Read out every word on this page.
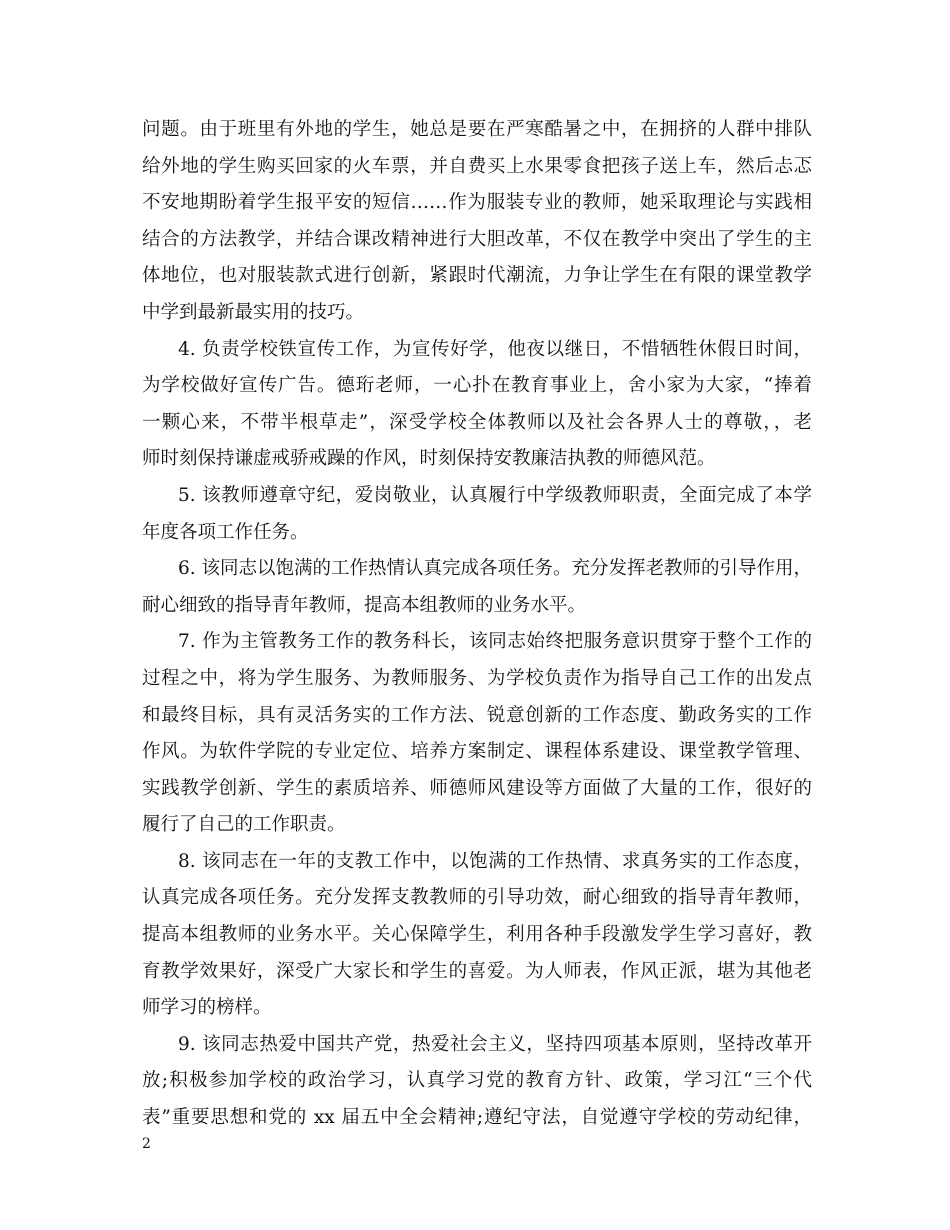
问题。由于班里有外地的学生，她总是要在严寒酷暑之中，在拥挤的人群中排队
给外地的学生购买回家的火车票，并自费买上水果零食把孩子送上车，然后忐忑
不安地期盼着学生报平安的短信……作为服装专业的教师，她采取理论与实践相
结合的方法教学，并结合课改精神进行大胆改革，不仅在教学中突出了学生的主
体地位，也对服装款式进行创新，紧跟时代潮流，力争让学生在有限的课堂教学
中学到最新最实用的技巧。
4. 负责学校铁宣传工作，为宣传好学，他夜以继日，不惜牺牲休假日时间，
为学校做好宣传广告。德珩老师，一心扑在教育事业上，舍小家为大家，“捧着
一颗心来，不带半根草走”，深受学校全体教师以及社会各界人士的尊敬，，老
师时刻保持谦虚戒骄戒躁的作风，时刻保持安教廉洁执教的师德风范。
5. 该教师遵章守纪，爱岗敬业，认真履行中学级教师职责，全面完成了本学
年度各项工作任务。
6. 该同志以饱满的工作热情认真完成各项任务。充分发挥老教师的引导作用，
耐心细致的指导青年教师，提高本组教师的业务水平。
7. 作为主管教务工作的教务科长，该同志始终把服务意识贯穿于整个工作的
过程之中，将为学生服务、为教师服务、为学校负责作为指导自己工作的出发点
和最终目标，具有灵活务实的工作方法、锐意创新的工作态度、勤政务实的工作
作风。为软件学院的专业定位、培养方案制定、课程体系建设、课堂教学管理、
实践教学创新、学生的素质培养、师德师风建设等方面做了大量的工作，很好的
履行了自己的工作职责。
8. 该同志在一年的支教工作中，以饱满的工作热情、求真务实的工作态度，
认真完成各项任务。充分发挥支教教师的引导功效，耐心细致的指导青年教师，
提高本组教师的业务水平。关心保障学生，利用各种手段激发学生学习喜好，教
育教学效果好，深受广大家长和学生的喜爱。为人师表，作风正派，堪为其他老
师学习的榜样。
9. 该同志热爱中国共产党，热爱社会主义，坚持四项基本原则，坚持改革开
放;积极参加学校的政治学习，认真学习党的教育方针、政策，学习江“三个代
表”重要思想和党的 xx 届五中全会精神;遵纪守法，自觉遵守学校的劳动纪律，
2
